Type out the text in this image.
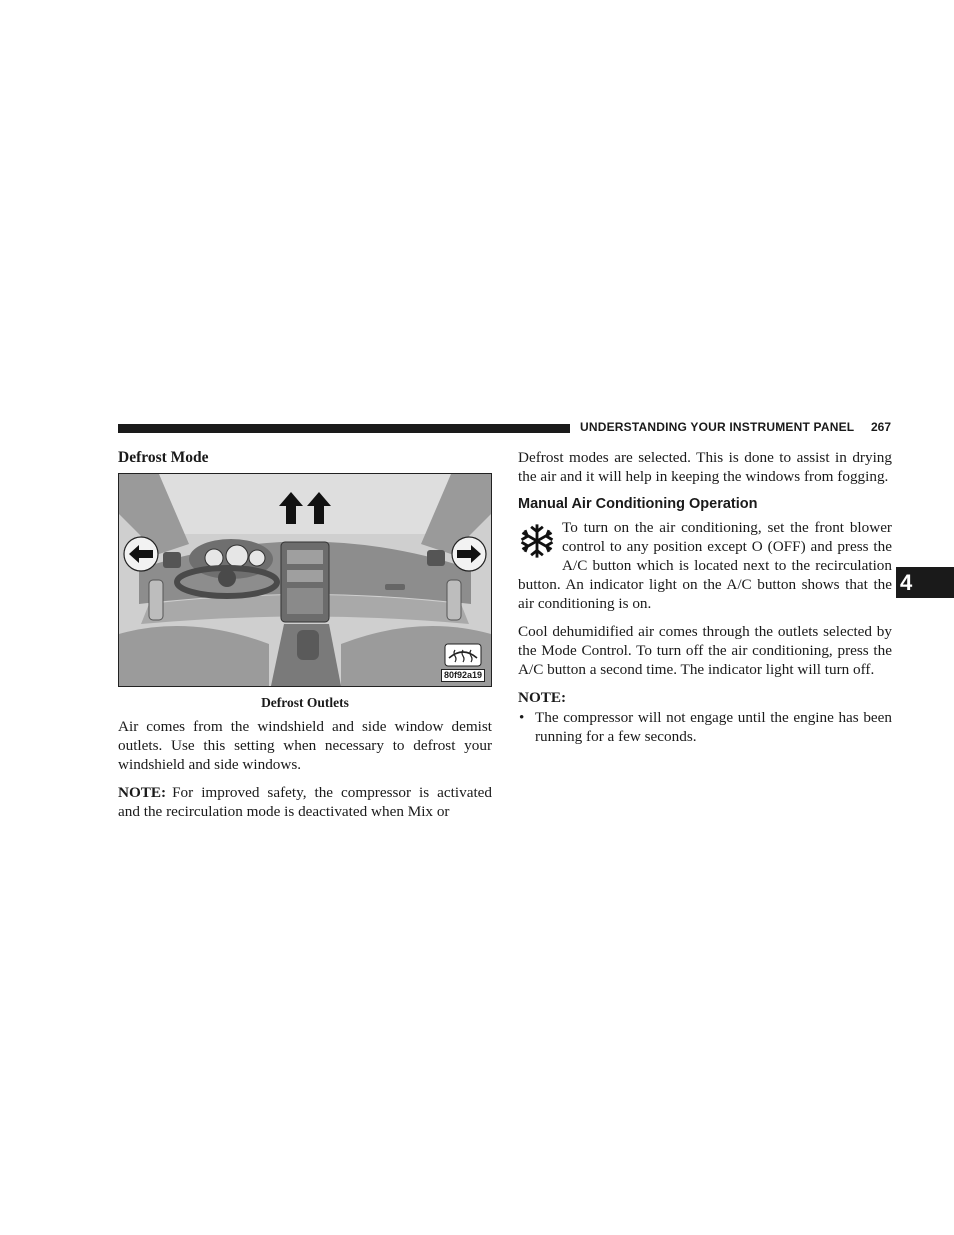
UNDERSTANDING YOUR INSTRUMENT PANEL 267
4
Defrost Mode
80f92a19
Defrost Outlets

Air comes from the windshield and side window demist outlets. Use this setting when necessary to defrost your windshield and side windows.

NOTE: For improved safety, the compressor is activated and the recirculation mode is deactivated when Mix or

Defrost modes are selected. This is done to assist in drying the air and it will help in keeping the windows from fogging.

Manual Air Conditioning Operation
To turn on the air conditioning, set the front blower control to any position except O (OFF) and press the A/C button which is located next to the recirculation button. An indicator light on the A/C button shows that the air conditioning is on.

Cool dehumidified air comes through the outlets selected by the Mode Control. To turn off the air conditioning, press the A/C button a second time. The indicator light will turn off.

NOTE:
• The compressor will not engage until the engine has been running for a few seconds.
